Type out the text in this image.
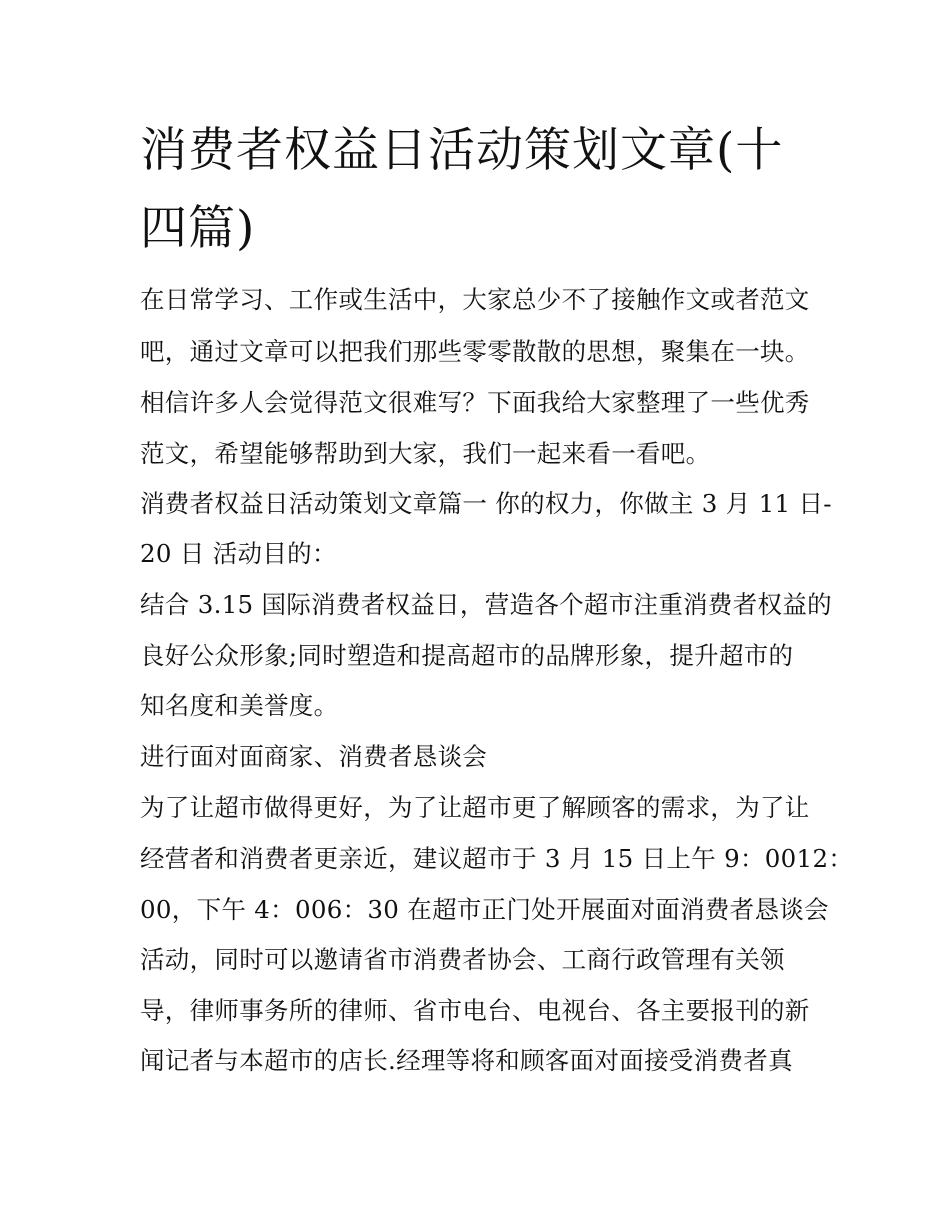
消费者权益日活动策划文章(十四篇)

在日常学习、工作或生活中，大家总少不了接触作文或者范文

吧，通过文章可以把我们那些零零散散的思想，聚集在一块。

相信许多人会觉得范文很难写？下面我给大家整理了一些优秀

范文，希望能够帮助到大家，我们一起来看一看吧。

消费者权益日活动策划文章篇一 你的权力，你做主 3 月 11 日-

20 日 活动目的：

结合 3.15 国际消费者权益日，营造各个超市注重消费者权益的

良好公众形象;同时塑造和提高超市的品牌形象，提升超市的

知名度和美誉度。

进行面对面商家、消费者恳谈会

为了让超市做得更好，为了让超市更了解顾客的需求，为了让

经营者和消费者更亲近，建议超市于 3 月 15 日上午 9：0012：

00，下午 4：006：30 在超市正门处开展面对面消费者恳谈会

活动，同时可以邀请省市消费者协会、工商行政管理有关领

导，律师事务所的律师、省市电台、电视台、各主要报刊的新

闻记者与本超市的店长.经理等将和顾客面对面接受消费者真
